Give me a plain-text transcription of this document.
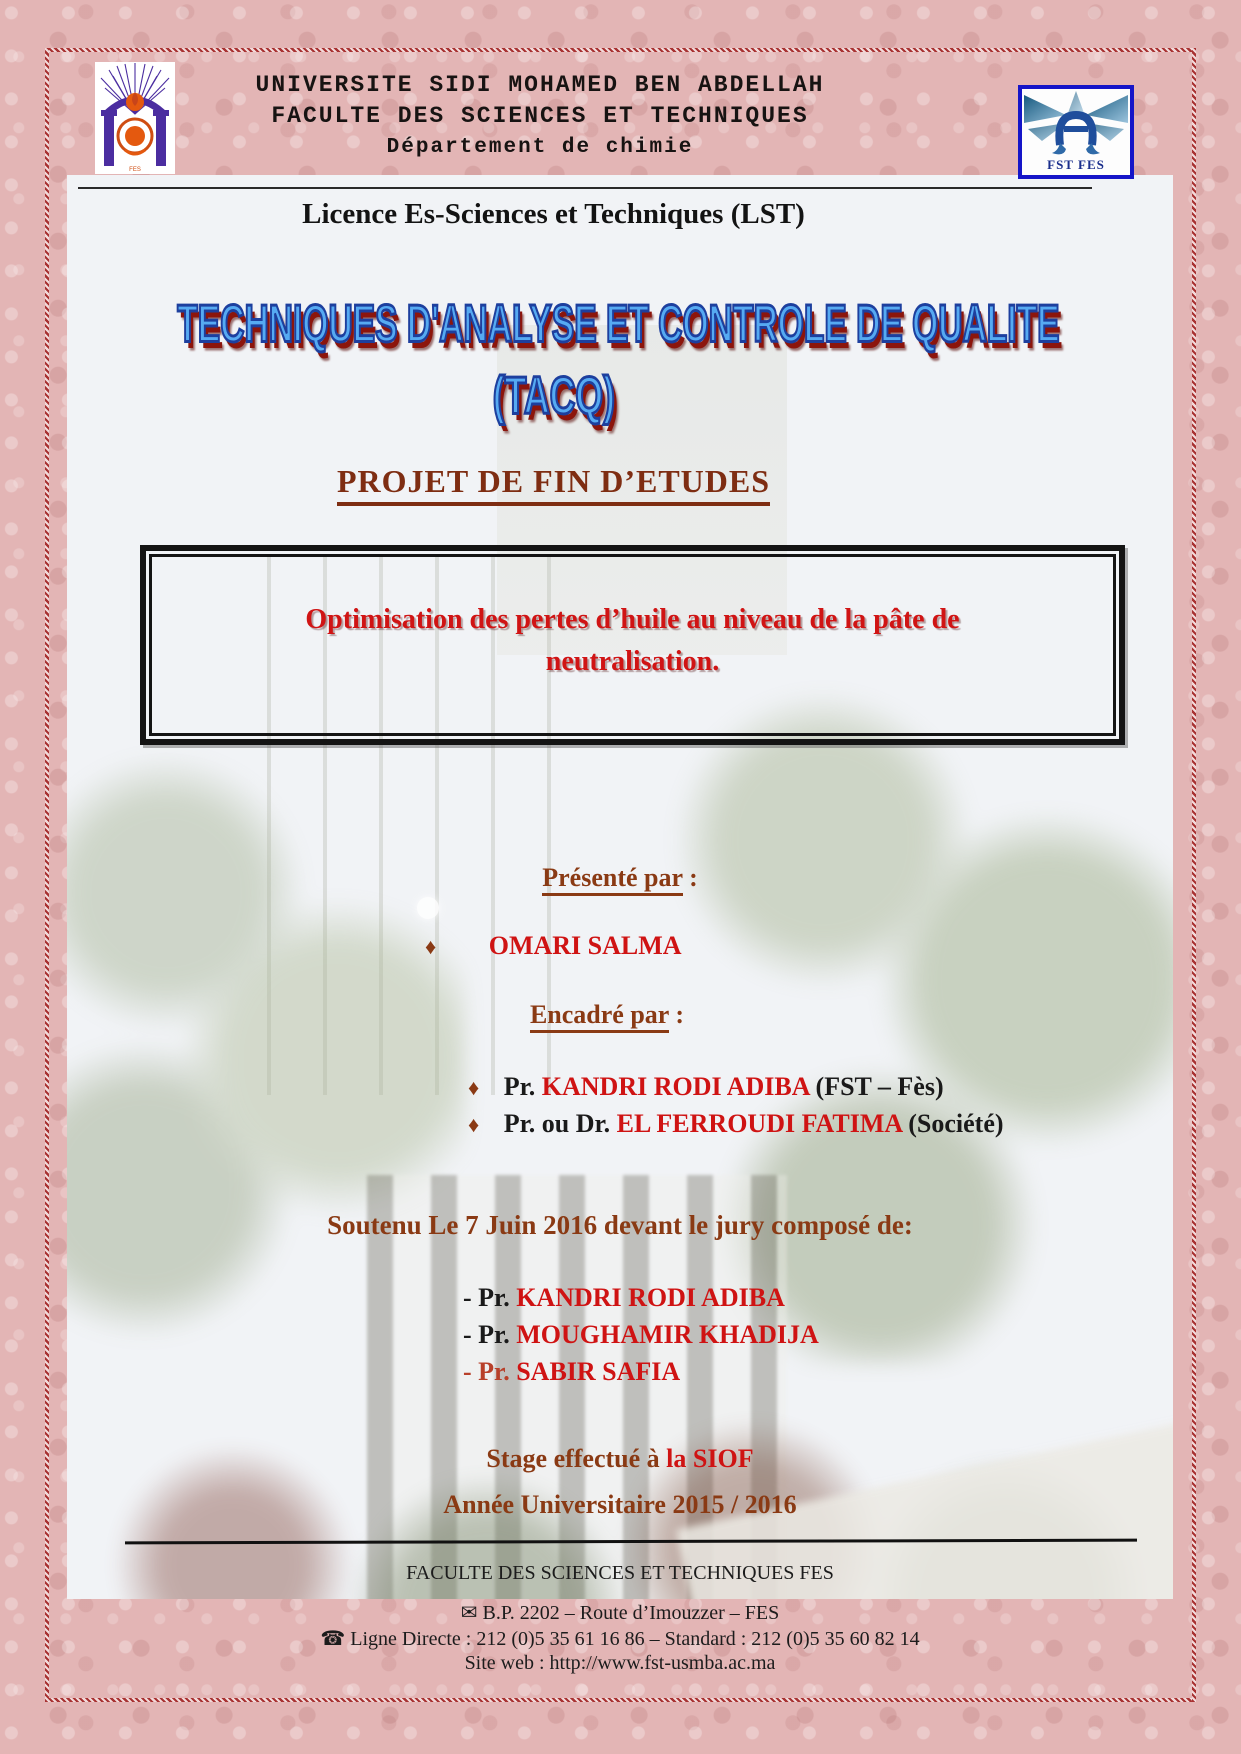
FES
UNIVERSITE SIDI MOHAMED BEN ABDELLAH
FACULTE DES SCIENCES ET TECHNIQUES
Département de chimie
FST FES
Licence Es-Sciences et Techniques (LST)
TECHNIQUES D'ANALYSE ET CONTROLE DE QUALITE
(TACQ)
PROJET DE FIN D’ETUDES
Optimisation des pertes d’huile au niveau de la pâte de
neutralisation.
Présenté par :
♦ OMARI SALMA
Encadré par :
♦ Pr. KANDRI RODI ADIBA (FST – Fès)
♦ Pr. ou Dr. EL FERROUDI FATIMA (Société)
Soutenu Le 7 Juin 2016 devant le jury composé de:
- Pr. KANDRI RODI ADIBA
- Pr. MOUGHAMIR KHADIJA
- Pr. SABIR SAFIA
Stage effectué à la SIOF
Année Universitaire 2015 / 2016
FACULTE DES SCIENCES ET TECHNIQUES FES
✉ B.P. 2202 – Route d’Imouzzer – FES
☎ Ligne Directe : 212 (0)5 35 61 16 86 – Standard : 212 (0)5 35 60 82 14
Site web : http://www.fst-usmba.ac.ma
